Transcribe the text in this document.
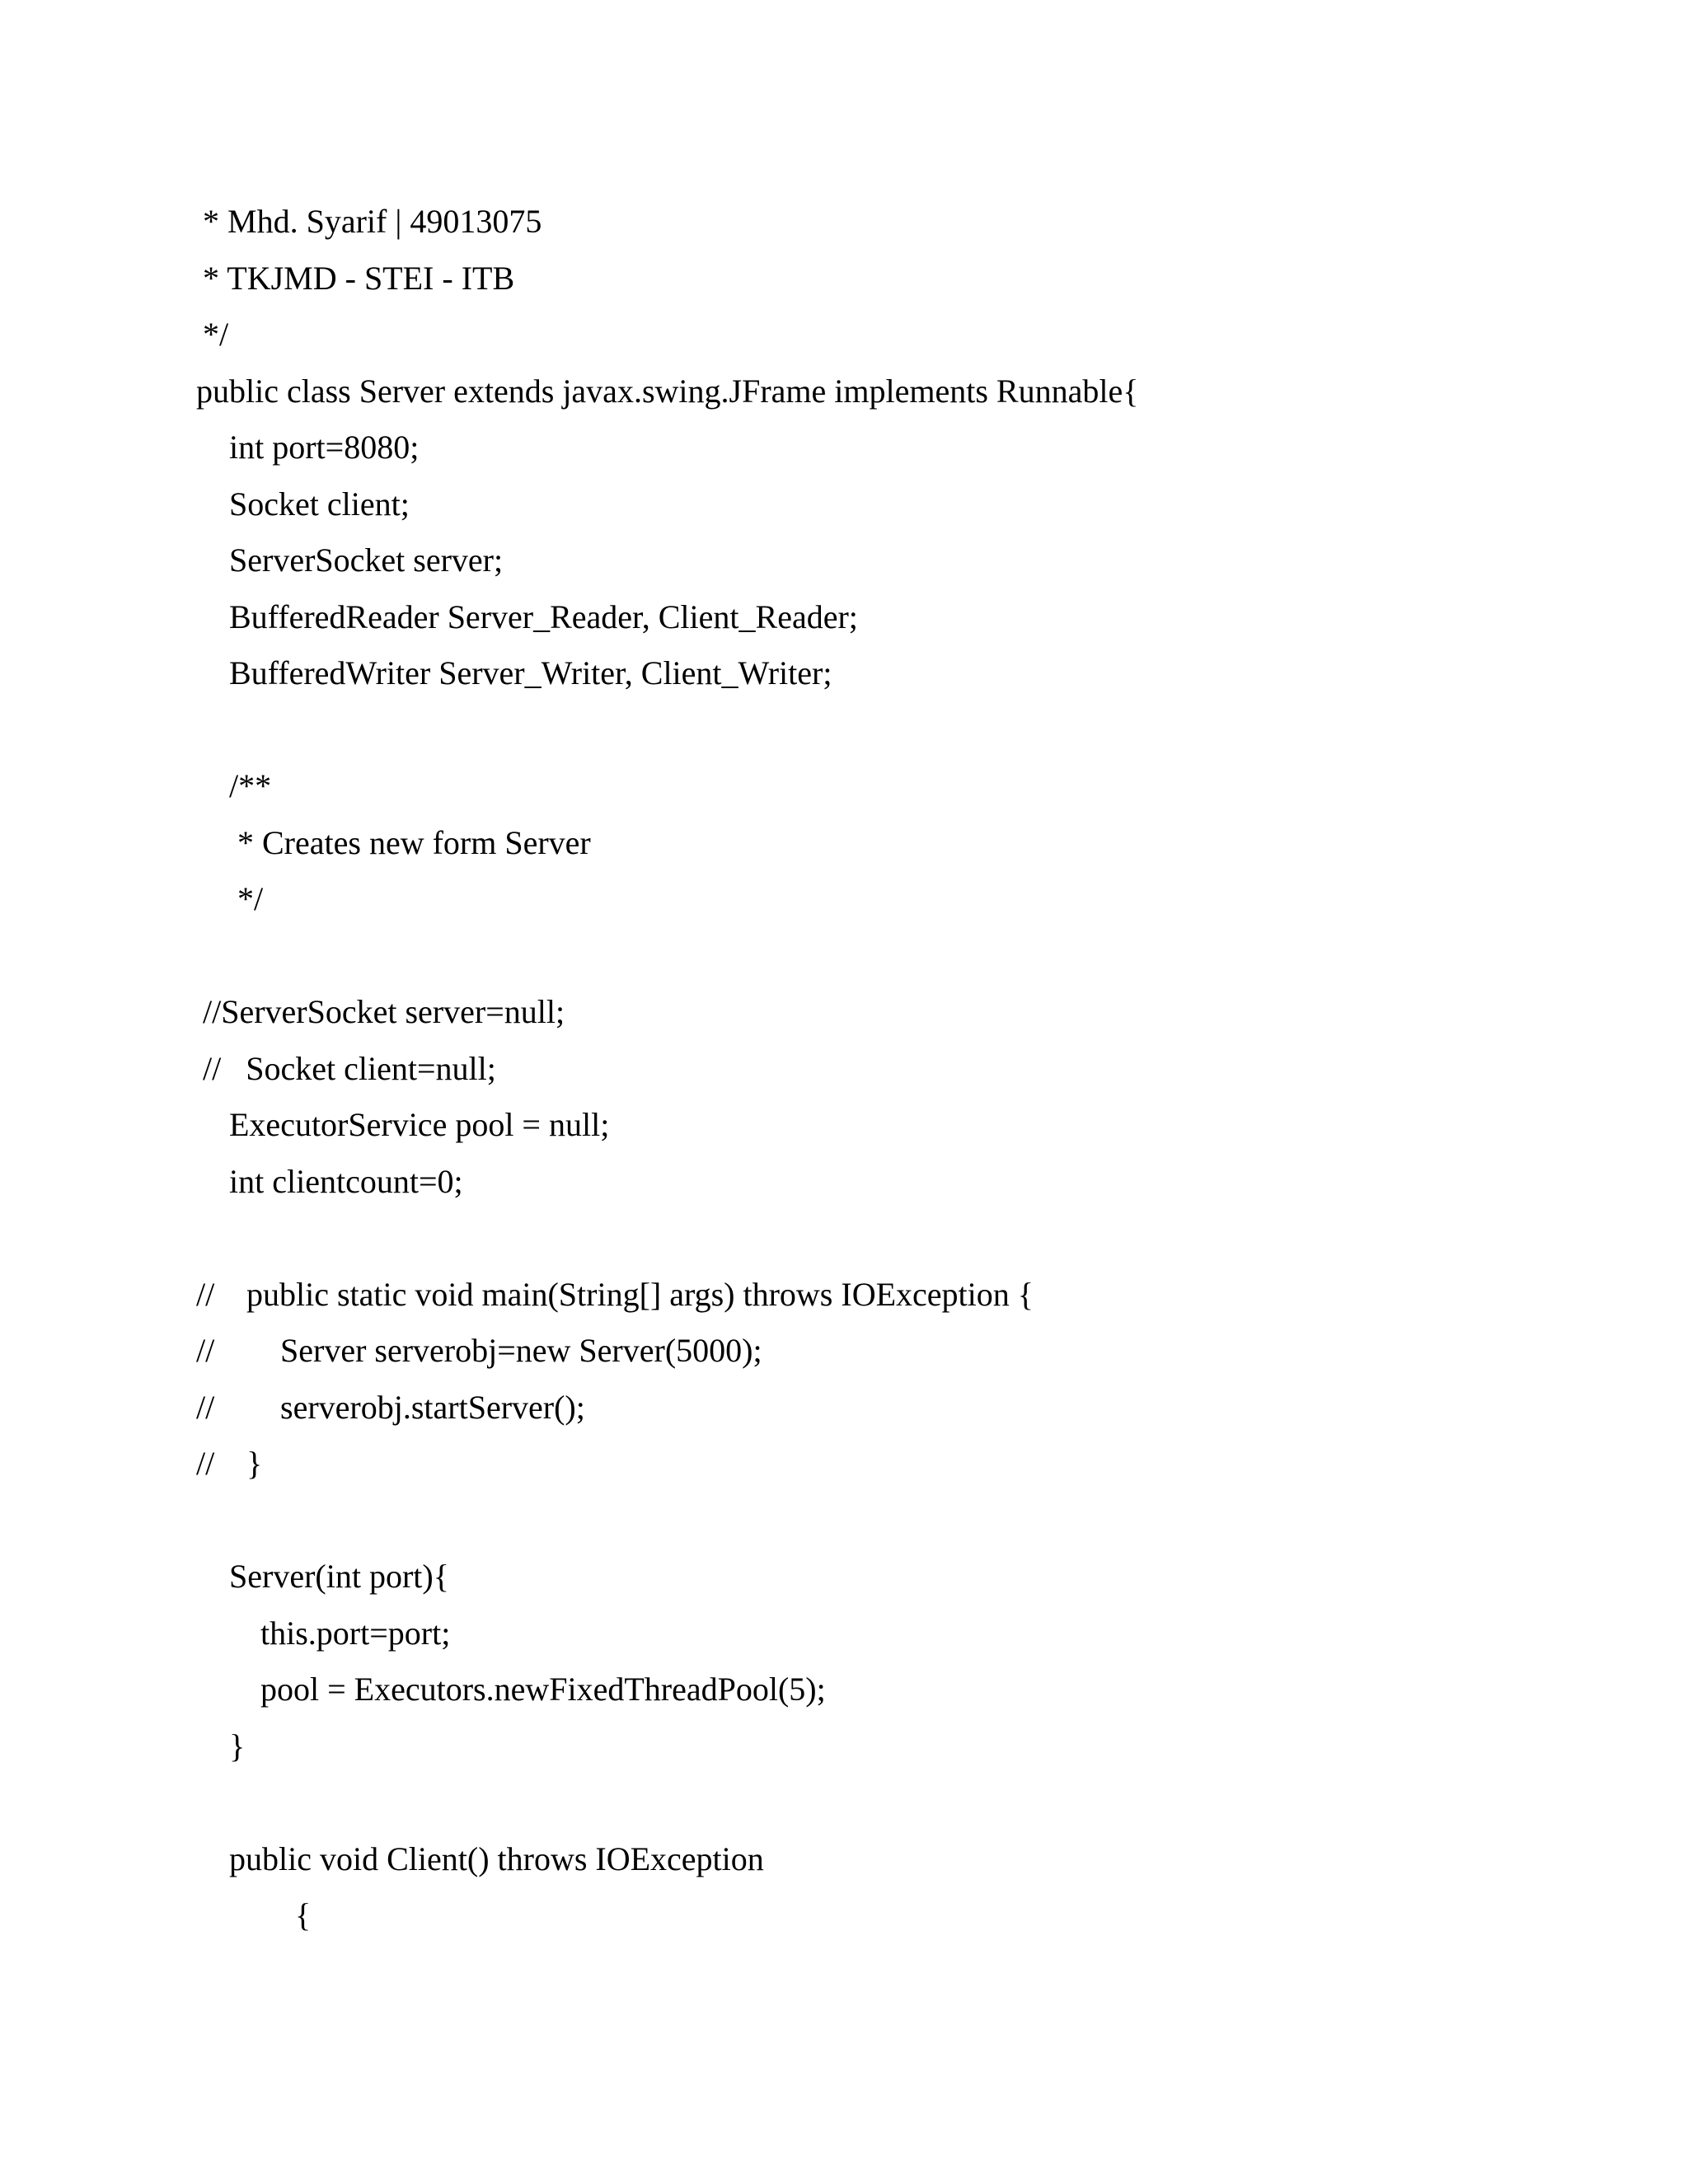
* Mhd. Syarif | 49013075
* TKJMD - STEI - ITB
*/
public class Server extends javax.swing.JFrame implements Runnable{
int port=8080;
Socket client;
ServerSocket server;
BufferedReader Server_Reader, Client_Reader;
BufferedWriter Server_Writer, Client_Writer;
/**
* Creates new form Server
*/
//ServerSocket server=null;
//   Socket client=null;
ExecutorService pool = null;
int clientcount=0;
// public static void main(String[] args) throws IOException {
// Server serverobj=new Server(5000);
// serverobj.startServer();
// }
Server(int port){
this.port=port;
pool = Executors.newFixedThreadPool(5);
}
public void Client() throws IOException
{
